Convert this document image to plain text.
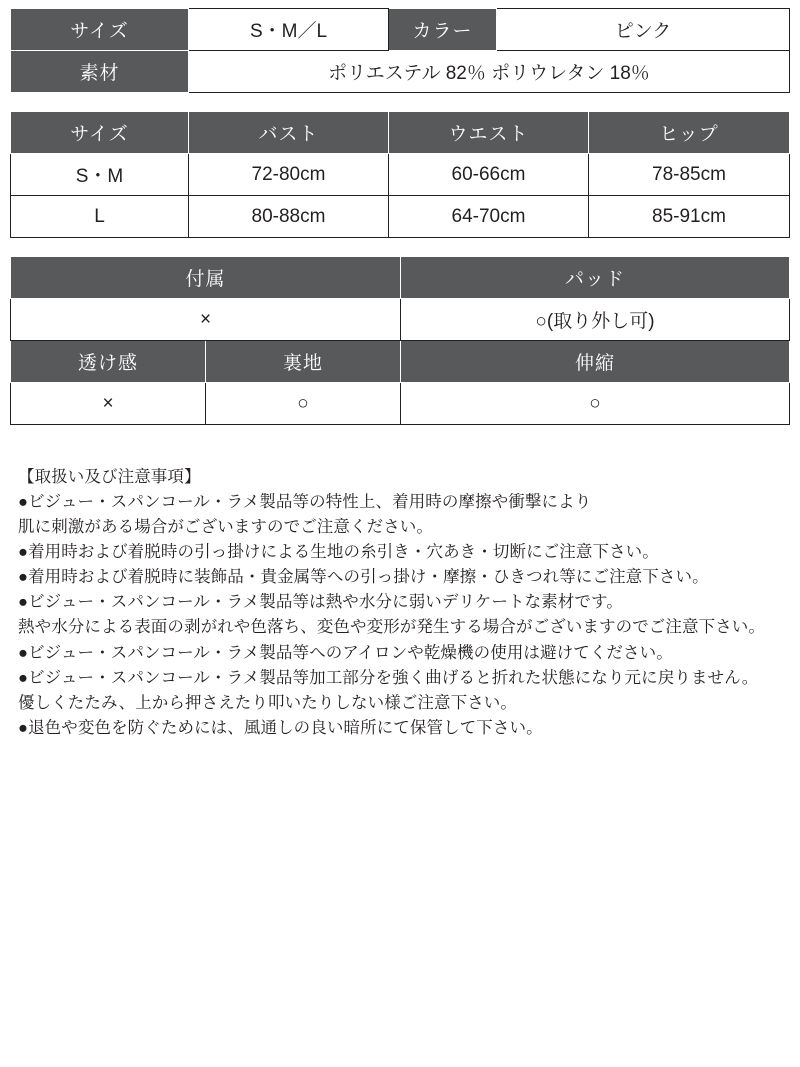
サイズ	S・M／L	カラー	ピンク
素材	ポリエステル 82％ ポリウレタン 18％		
サイズ	バスト	ウエスト	ヒップ
S・M	72-80cm	60-66cm	78-85cm
L	80-88cm	64-70cm	85-91cm
付属		パッド
×		○(取り外し可)
透け感	裏地	伸縮
×	○	○
【取扱い及び注意事項】
●ビジュー・スパンコール・ラメ製品等の特性上、着用時の摩擦や衝撃により
肌に刺激がある場合がございますのでご注意ください。
●着用時および着脱時の引っ掛けによる生地の糸引き・穴あき・切断にご注意下さい。
●着用時および着脱時に装飾品・貴金属等への引っ掛け・摩擦・ひきつれ等にご注意下さい。
●ビジュー・スパンコール・ラメ製品等は熱や水分に弱いデリケートな素材です。
熱や水分による表面の剥がれや色落ち、変色や変形が発生する場合がございますのでご注意下さい。
●ビジュー・スパンコール・ラメ製品等へのアイロンや乾燥機の使用は避けてください。
●ビジュー・スパンコール・ラメ製品等加工部分を強く曲げると折れた状態になり元に戻りません。
優しくたたみ、上から押さえたり叩いたりしない様ご注意下さい。
●退色や変色を防ぐためには、風通しの良い暗所にて保管して下さい。
